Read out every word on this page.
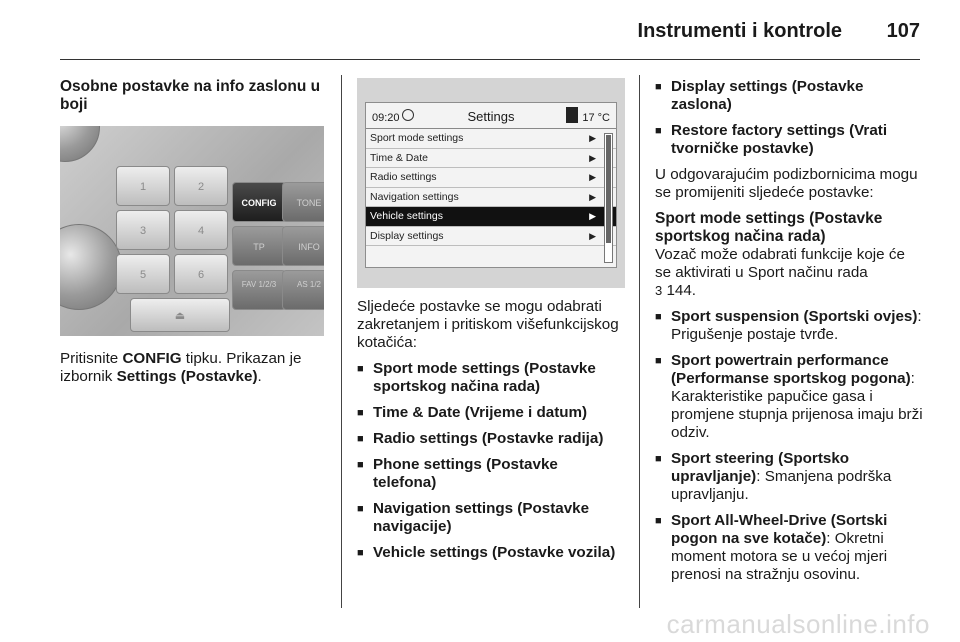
Instrumenti i kontrole 107
Osobne postavke na info zaslonu u boji
1	2
CONFIG	TONE
3	4
TP	INFO
5	6
FAV 1/2/3	AS 1/2
⏏

Pritisnite CONFIG tipku. Prikazan je izbornik Settings (Postavke).

09:20	Settings	17 °C
Sport mode settings	▶
Time & Date	▶
Radio settings	▶
Navigation settings	▶
Vehicle settings	▶
Display settings	▶

Sljedeće postavke se mogu odabrati zakretanjem i pritiskom višefunkcijskog kotačića:

■ Sport mode settings (Postavke sportskog načina rada)
■ Time & Date (Vrijeme i datum)
■ Radio settings (Postavke radija)
■ Phone settings (Postavke telefona)
■ Navigation settings (Postavke navigacije)
■ Vehicle settings (Postavke vozila)
■ Display settings (Postavke zaslona)
■ Restore factory settings (Vrati tvorničke postavke)

U odgovarajućim podizbornicima mogu se promijeniti sljedeće postavke:

Sport mode settings (Postavke sportskog načina rada)

Vozač može odabrati funkcije koje će se aktivirati u Sport načinu rada
3 144.

■ Sport suspension (Sportski ovjes): Prigušenje postaje tvrđe.
■ Sport powertrain performance (Performanse sportskog pogona): Karakteristike papučice gasa i promjene stupnja prijenosa imaju brži odziv.
■ Sport steering (Sportsko upravljanje): Smanjena podrška upravljanju.
■ Sport All-Wheel-Drive (Sortski pogon na sve kotače): Okretni moment motora se u većoj mjeri prenosi na stražnju osovinu.
carmanualsonline.info
